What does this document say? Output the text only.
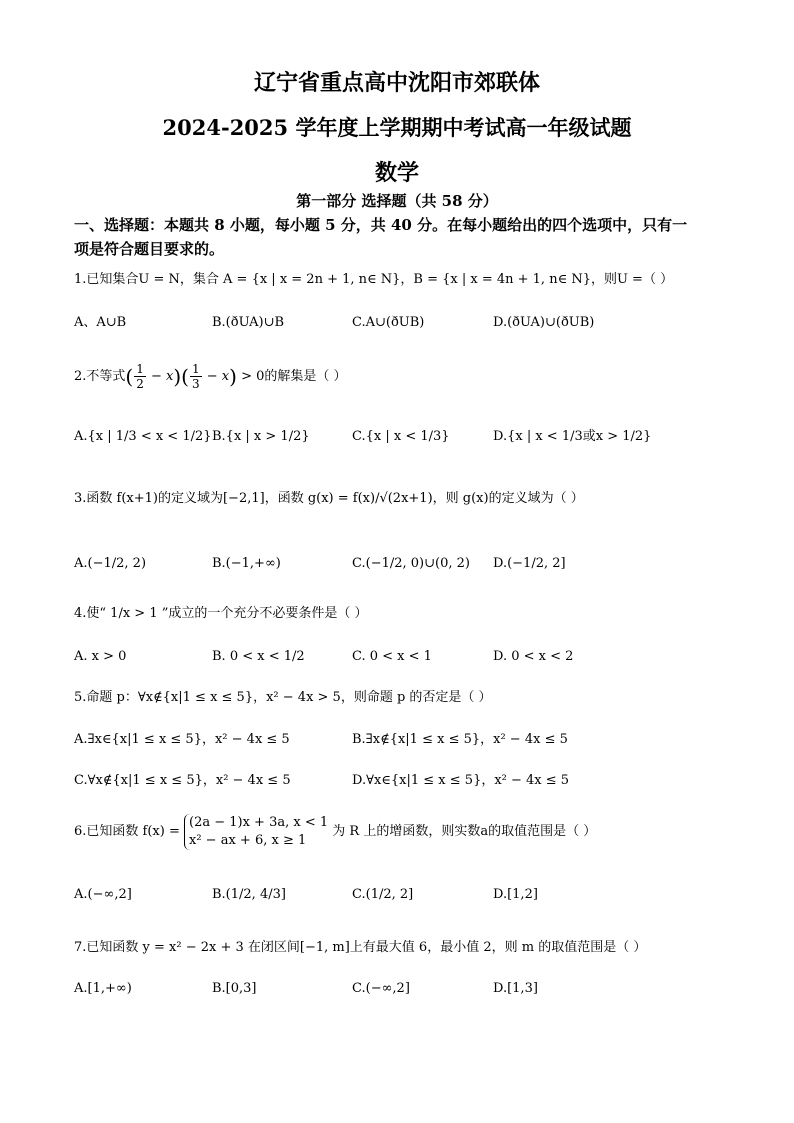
辽宁省重点高中沈阳市郊联体
2024-2025 学年度上学期期中考试高一年级试题
数学
第一部分 选择题（共 58 分）
一、选择题：本题共 8 小题，每小题 5 分，共 40 分。在每小题给出的四个选项中，只有一
项是符合题目要求的。
1.已知集合U = N，集合 A = {x | x = 2n + 1, n∈ N}，B = {x | x = 4n + 1, n∈ N}，则U =（ ）
A、A∪B	B.(ðUA)∪B	C.A∪(ðUB)	D.(ðUA)∪(ðUB)
2.不等式( $\frac{1}{2} - x)( \frac{1}{3} - x) > 0$的解集是（ ）
A.{x | 1/3 < x < 1/2} B.{x | x > 1/2}	C.{x | x < 1/3}	D.{x | x < 1/3或x > 1/2}
3.函数 f(x+1)的定义域为[−2,1]，函数 g(x) = f(x)/√(2x+1)，则 g(x)的定义域为（ ）
A.(−1/2, 2)	B.(−1,+∞)	C.(−1/2, 0)∪(0, 2) D.(−1/2, 2]
4.使“ 1/x > 1 ”成立的一个充分不必要条件是（ ）
A. x > 0	B. 0 < x < 1/2	C. 0 < x < 1	D. 0 < x < 2
5.命题 p：∀x∉{x|1 ≤ x ≤ 5}，x² − 4x > 5，则命题 p 的否定是（ ）
A.∃x∈{x|1 ≤ x ≤ 5}，x² − 4x ≤ 5	B.∃x∉{x|1 ≤ x ≤ 5}，x² − 4x ≤ 5
C.∀x∉{x|1 ≤ x ≤ 5}，x² − 4x ≤ 5	D.∀x∈{x|1 ≤ x ≤ 5}，x² − 4x ≤ 5
6.已知函数 f(x) =
(2a − 1)x + 3a, x < 1
x² − ax + 6, x ≥ 1
为 R 上的增函数，则实数a的取值范围是（ ）
A.(−∞,2]	B.(1/2, 4/3]	C.(1/2, 2]	D.[1,2]
7.已知函数 y = x² − 2x + 3 在闭区间[−1, m]上有最大值 6，最小值 2，则 m 的取值范围是（ ）
A.[1,+∞)	B.[0,3]	C.(−∞,2]	D.[1,3]
